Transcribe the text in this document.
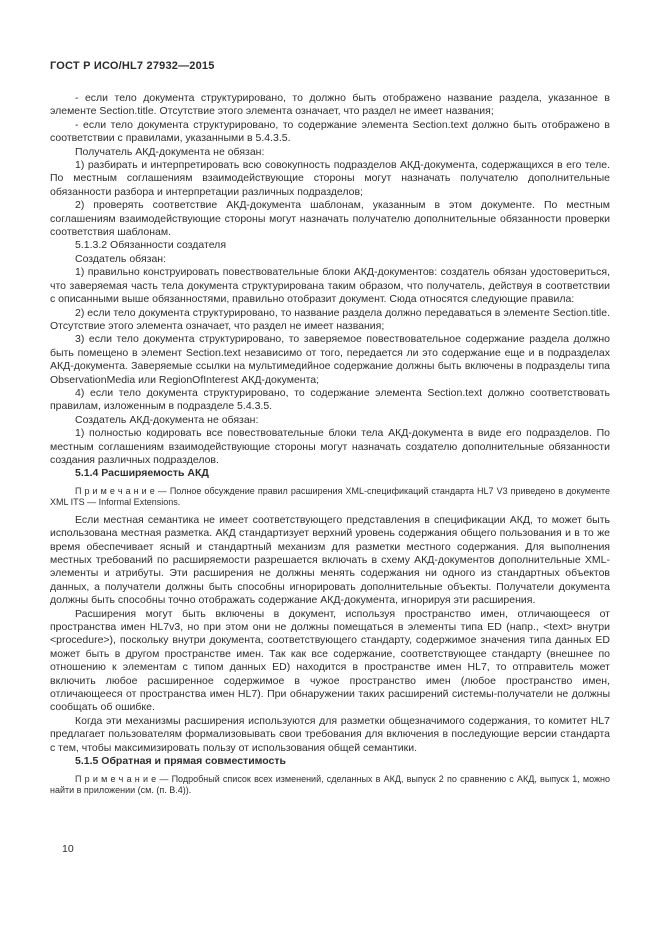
ГОСТ Р ИСО/HL7 27932—2015

- если тело документа структурировано, то должно быть отображено название раздела, указанное в элементе Section.title. Отсутствие этого элемента означает, что раздел не имеет названия;

- если тело документа структурировано, то содержание элемента Section.text должно быть отображено в соответствии с правилами, указанными в 5.4.3.5.

Получатель АКД-документа не обязан:

1) разбирать и интерпретировать всю совокупность подразделов АКД-документа, содержащихся в его теле. По местным соглашениям взаимодействующие стороны могут назначать получателю дополнительные обязанности разбора и интерпретации различных подразделов;

2) проверять соответствие АКД-документа шаблонам, указанным в этом документе. По местным соглашениям взаимодействующие стороны могут назначать получателю дополнительные обязанности проверки соответствия шаблонам.

5.1.3.2 Обязанности создателя

Создатель обязан:

1) правильно конструировать повествовательные блоки АКД-документов: создатель обязан удостовериться, что заверяемая часть тела документа структурирована таким образом, что получатель, действуя в соответствии с описанными выше обязанностями, правильно отобразит документ. Сюда относятся следующие правила:

2) если тело документа структурировано, то название раздела должно передаваться в элементе Section.title. Отсутствие этого элемента означает, что раздел не имеет названия;

3) если тело документа структурировано, то заверяемое повествовательное содержание раздела должно быть помещено в элемент Section.text независимо от того, передается ли это содержание еще и в подразделах АКД-документа. Заверяемые ссылки на мультимедийное содержание должны быть включены в подразделы типа ObservationMedia или RegionOfInterest АКД-документа;

4) если тело документа структурировано, то содержание элемента Section.text должно соответствовать правилам, изложенным в подразделе 5.4.3.5.

Создатель АКД-документа не обязан:

1) полностью кодировать все повествовательные блоки тела АКД-документа в виде его подразделов. По местным соглашениям взаимодействующие стороны могут назначать создателю дополнительные обязанности создания различных подразделов.

5.1.4 Расширяемость АКД

П р и м е ч а н и е — Полное обсуждение правил расширения XML-спецификаций стандарта HL7 V3 приведено в документе XML ITS — Informal Extensions.

Если местная семантика не имеет соответствующего представления в спецификации АКД, то может быть использована местная разметка. АКД стандартизует верхний уровень содержания общего пользования и в то же время обеспечивает ясный и стандартный механизм для разметки местного содержания. Для выполнения местных требований по расширяемости разрешается включать в схему АКД-документов дополнительные XML-элементы и атрибуты. Эти расширения не должны менять содержания ни одного из стандартных объектов данных, а получатели должны быть способны игнорировать дополнительные объекты. Получатели документа должны быть способны точно отображать содержание АКД-документа, игнорируя эти расширения.

Расширения могут быть включены в документ, используя пространство имен, отличающееся от пространства имен HL7v3, но при этом они не должны помещаться в элементы типа ED (напр., <text> внутри <procedure>), поскольку внутри документа, соответствующего стандарту, содержимое значения типа данных ED может быть в другом пространстве имен. Так как все содержание, соответствующее стандарту (внешнее по отношению к элементам с типом данных ED) находится в пространстве имен HL7, то отправитель может включить любое расширенное содержимое в чужое пространство имен (любое пространство имен, отличающееся от пространства имен HL7). При обнаружении таких расширений системы-получатели не должны сообщать об ошибке.

Когда эти механизмы расширения используются для разметки общезначимого содержания, то комитет HL7 предлагает пользователям формализовывать свои требования для включения в последующие версии стандарта с тем, чтобы максимизировать пользу от использования общей семантики.

5.1.5 Обратная и прямая совместимость

П р и м е ч а н и е — Подробный список всех изменений, сделанных в АКД, выпуск 2 по сравнению с АКД, выпуск 1, можно найти в приложении (см. (п. В.4)).

10
